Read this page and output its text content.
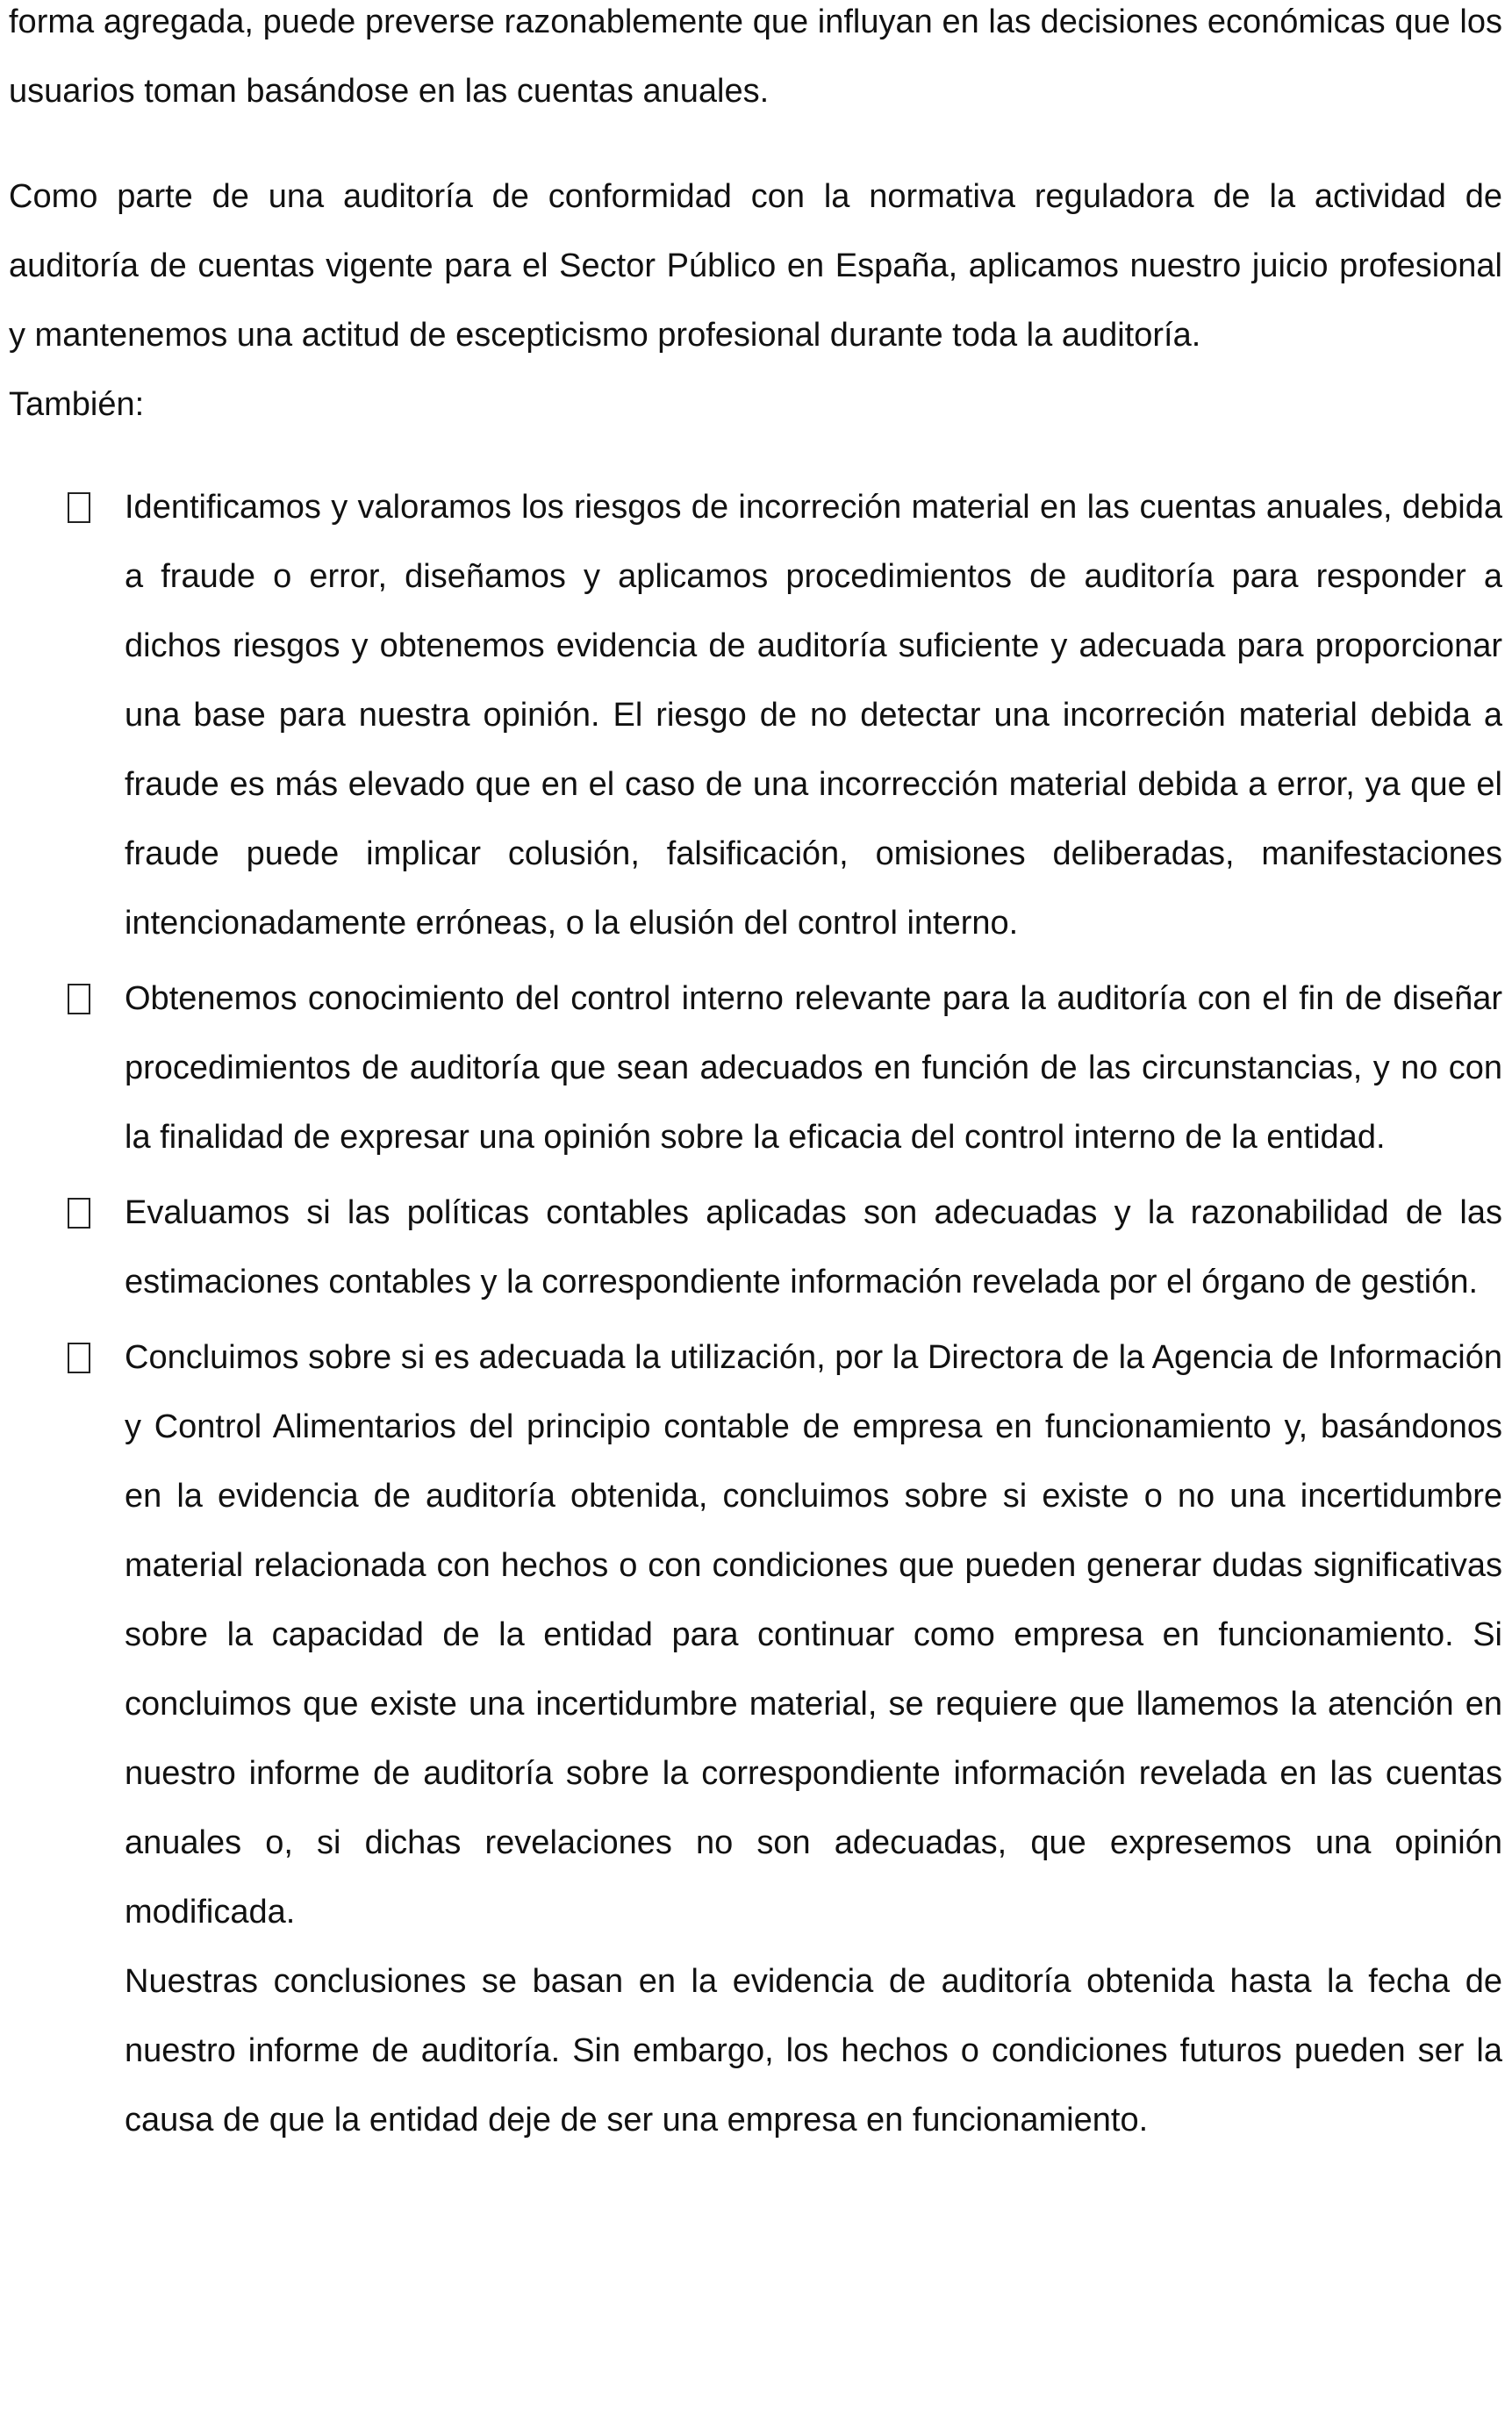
forma agregada, puede preverse razonablemente que influyan en las decisiones económicas que los usuarios toman basándose en las cuentas anuales.

Como parte de una auditoría de conformidad con la normativa reguladora de la actividad de auditoría de cuentas vigente para el Sector Público en España, aplicamos nuestro juicio profesional y mantenemos una actitud de escepticismo profesional durante toda la auditoría.

También:

Identificamos y valoramos los riesgos de incorreción material en las cuentas anuales, debida a fraude o error, diseñamos y aplicamos procedimientos de auditoría para responder a dichos riesgos y obtenemos evidencia de auditoría suficiente y adecuada para proporcionar una base para nuestra opinión. El riesgo de no detectar una incorreción material debida a fraude es más elevado que en el caso de una incorrección material debida a error, ya que el fraude puede implicar colusión, falsificación, omisiones deliberadas, manifestaciones intencionadamente erróneas, o la elusión del control interno.

Obtenemos conocimiento del control interno relevante para la auditoría con el fin de diseñar procedimientos de auditoría que sean adecuados en función de las circunstancias, y no con la finalidad de expresar una opinión sobre la eficacia del control interno de la entidad.

Evaluamos si las políticas contables aplicadas son adecuadas y la razonabilidad de las estimaciones contables y la correspondiente información revelada por el órgano de gestión.

Concluimos sobre si es adecuada la utilización, por la Directora de la Agencia de Información y Control Alimentarios del principio contable de empresa en funcionamiento y, basándonos en la evidencia de auditoría obtenida, concluimos sobre si existe o no una incertidumbre material relacionada con hechos o con condiciones que pueden generar dudas significativas sobre la capacidad de la entidad para continuar como empresa en funcionamiento. Si concluimos que existe una incertidumbre material, se requiere que llamemos la atención en nuestro informe de auditoría sobre la correspondiente información revelada en las cuentas anuales o, si dichas revelaciones no son adecuadas, que expresemos una opinión modificada.

Nuestras conclusiones se basan en la evidencia de auditoría obtenida hasta la fecha de nuestro informe de auditoría. Sin embargo, los hechos o condiciones futuros pueden ser la causa de que la entidad deje de ser una empresa en funcionamiento.
